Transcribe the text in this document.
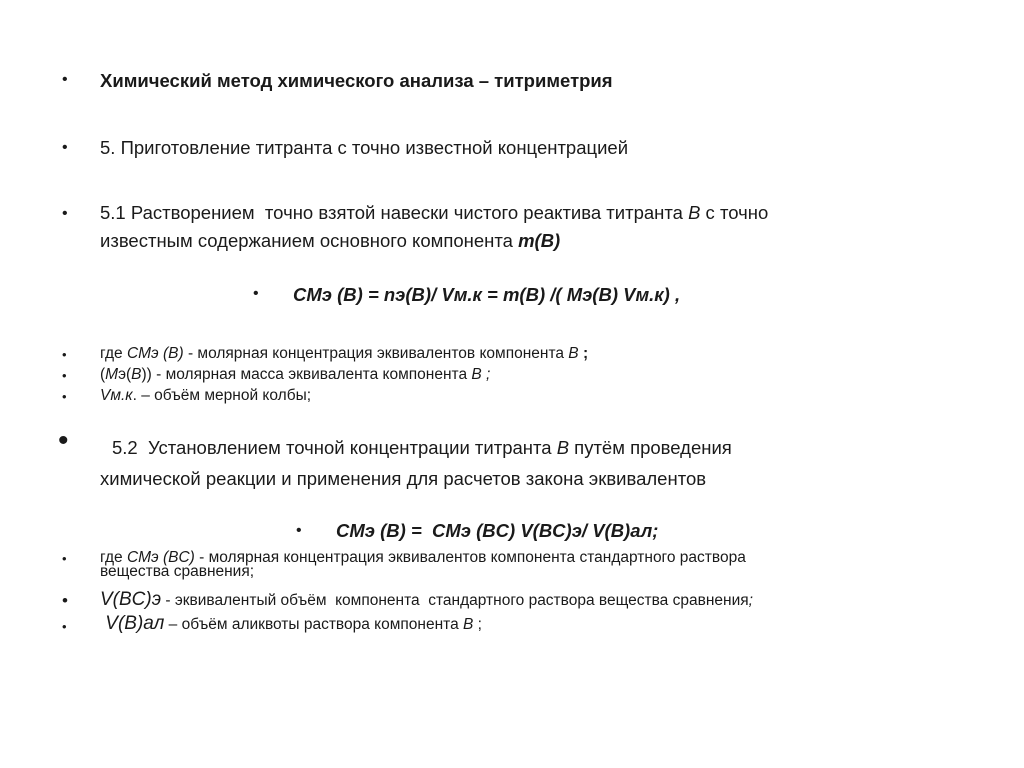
• Химический метод химического анализа – титриметрия
• 5. Приготовление титранта с точно известной концентрацией
• 5.1 Растворением  точно взятой навески чистого реактива титранта В с точно
известным содержанием основного компонента m(B)
• CMэ (B) = nэ(B)/ Vм.к = m(B) /( Mэ(B) Vм.к) ,
• где CMэ (B) - молярная концентрация эквивалентов компонента B ;
• (Mэ(B)) - молярная масса эквивалента компонента B ;
• Vм.к. – объём мерной колбы;
• 5.2  Установлением точной концентрации титранта В путём проведения
химической реакции и применения для расчетов закона эквивалентов
• CMэ (B) =  CMэ (BC) V(BC)э/ V(B)ал;
• где CMэ (BC) - молярная концентрация эквивалентов компонента стандартного раствора
вещества сравнения;
• V(BC)э - эквивалентый объём  компонента  стандартного раствора вещества сравнения;
• V(B)ал – объём аликвоты раствора компонента B ;
